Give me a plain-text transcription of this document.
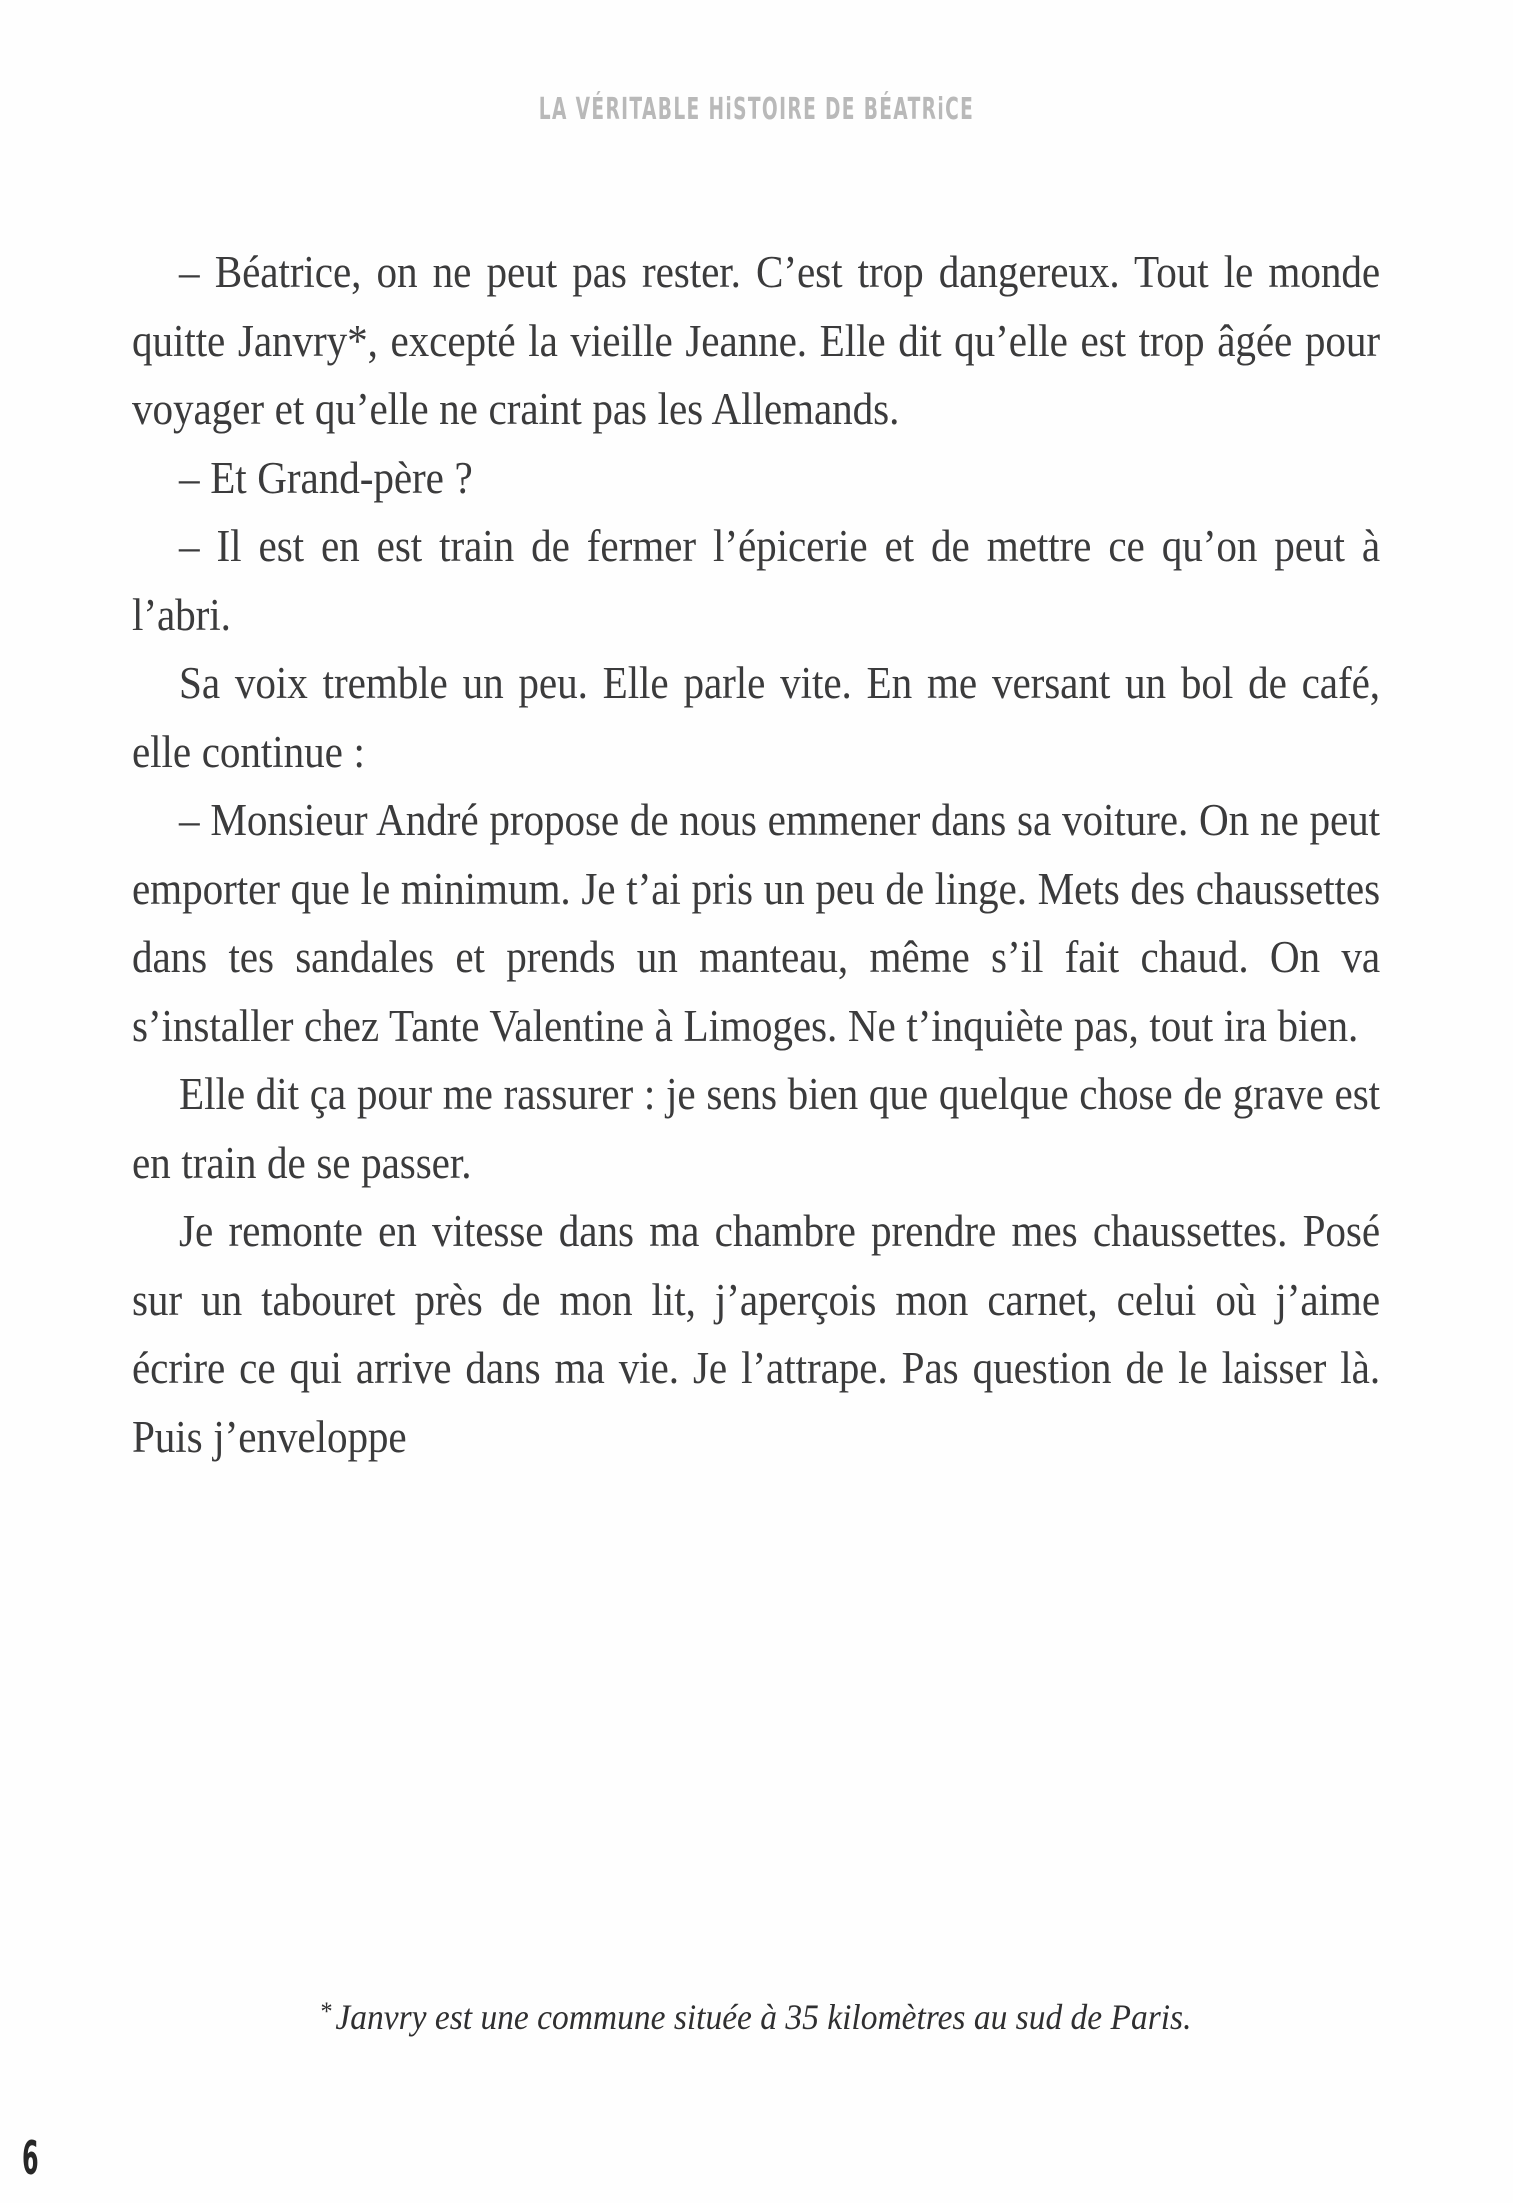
LA VÉRITABLE HiSTOIRE DE BÉATRiCE

– Béatrice, on ne peut pas rester. C’est trop dangereux. Tout le monde quitte Janvry*, excepté la vieille Jeanne. Elle dit qu’elle est trop âgée pour voyager et qu’elle ne craint pas les Allemands.

– Et Grand-père ?

– Il est en est train de fermer l’épicerie et de mettre ce qu’on peut à l’abri.

Sa voix tremble un peu. Elle parle vite. En me versant un bol de café, elle continue :

– Monsieur André propose de nous emmener dans sa voiture. On ne peut emporter que le minimum. Je t’ai pris un peu de linge. Mets des chaussettes dans tes sandales et prends un manteau, même s’il fait chaud. On va s’installer chez Tante Valentine à Limoges. Ne t’inquiète pas, tout ira bien.

Elle dit ça pour me rassurer : je sens bien que quelque chose de grave est en train de se passer.

Je remonte en vitesse dans ma chambre prendre mes chaussettes. Posé sur un tabouret près de mon lit, j’aperçois mon carnet, celui où j’aime écrire ce qui arrive dans ma vie. Je l’attrape. Pas question de le laisser là. Puis j’enveloppe

*Janvry est une commune située à 35 kilomètres au sud de Paris.

6
